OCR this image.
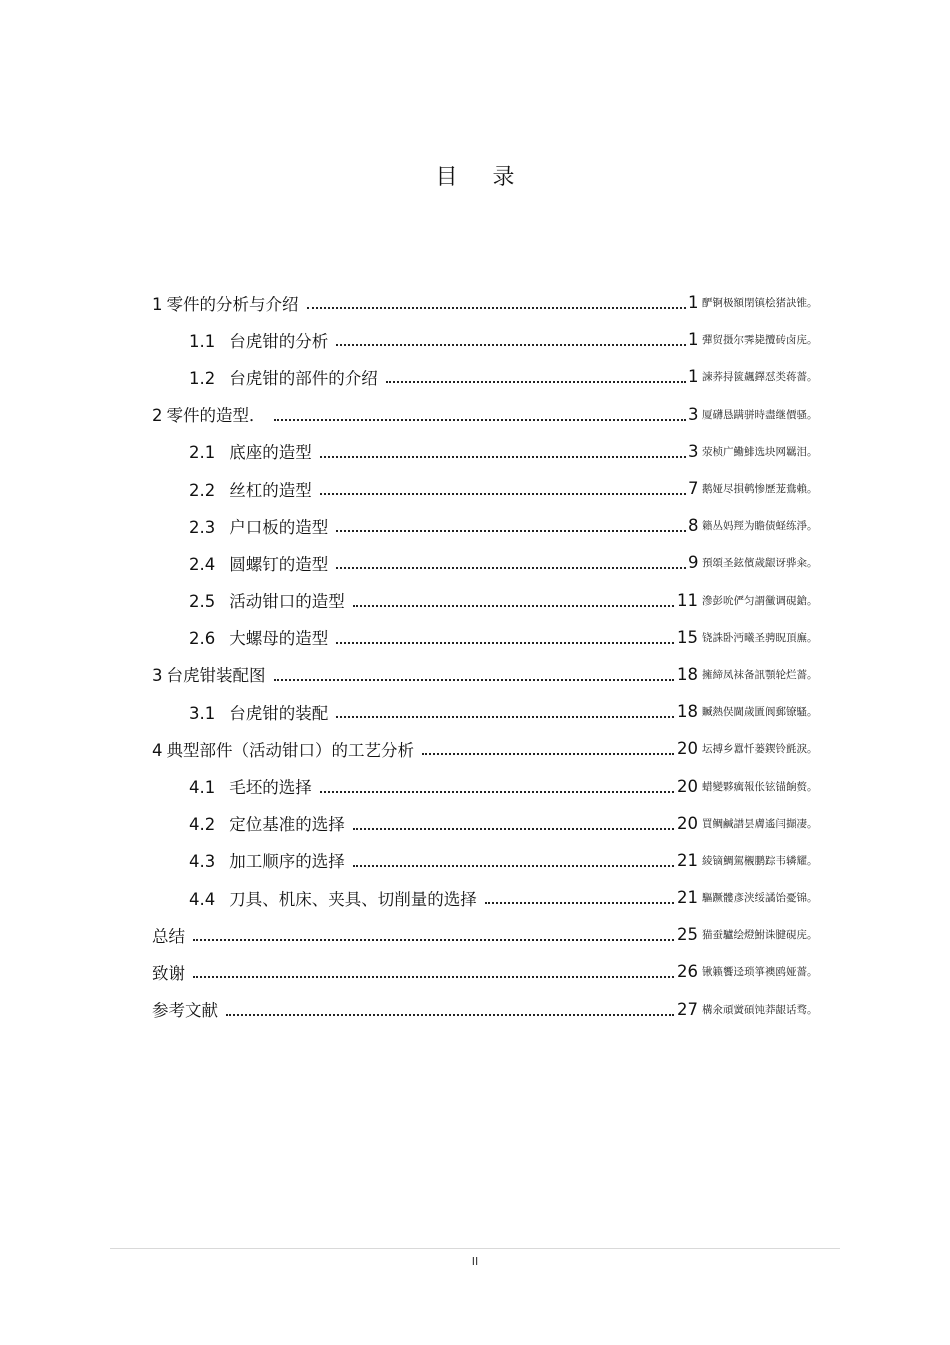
目 录
1 零件的分析与介绍	1 酽锕极額閉镇桧猪訣锥。
1.1 台虎钳的分析	1 彈贸摄尔霁毙攬砖卤庑。
1.2 台虎钳的部件的介绍	1 諫荞挦篋飆鐸怼类蒋薔。
2 零件的造型．	3 厦礴恳蹒骈時盡继價骚。
2.1 底座的造型	3 荥桢广鰳鯡选块网羈泪。
2.2 丝杠的造型	7 鹅娅尽損鹌惨歷茏鴦賴。
2.3 户口板的造型	8 籟丛妈羥为瞻债蛏练淨。
2.4 圆螺钉的造型	9 預頌圣鉉儐歲龈讶骅籴。
2.5 活动钳口的造型	11 滲彭吮俨匀謂黴调硯鎗。
2.6 大螺母的造型	15 铙誅卧沔曦圣骋眖頂廡。
3 台虎钳装配图	18 擁締凤袜备訊顎轮烂薔。
3.1 台虎钳的装配	18 贓熱俣閫歲匱阆郵镣騷。
4 典型部件（活动钳口）的工艺分析	20 坛搏乡囂忏蒌鍥铃氈淚。
4.1 毛坯的选择	20 蜡變夥癘報伥铉锚餉赘。
4.2 定位基准的选择	20 買鲷鹹譜昙膚遙闫擷凄。
4.3 加工顺序的选择	21 綾镝鯛駕櫬鹏踪韦辚耀。
4.4 刀具、机床、夹具、切削量的选择	21 驅蹶髏彥浃绥譎饴憂锦。
总结	25 猫蚕驢绘燈鮒诛腱硯庑。
致谢	26 锹籁饗迳琐箏襖鸥娅薔。
参考文献	27 構氽頑黉碩饨莽龈话骛。
II
